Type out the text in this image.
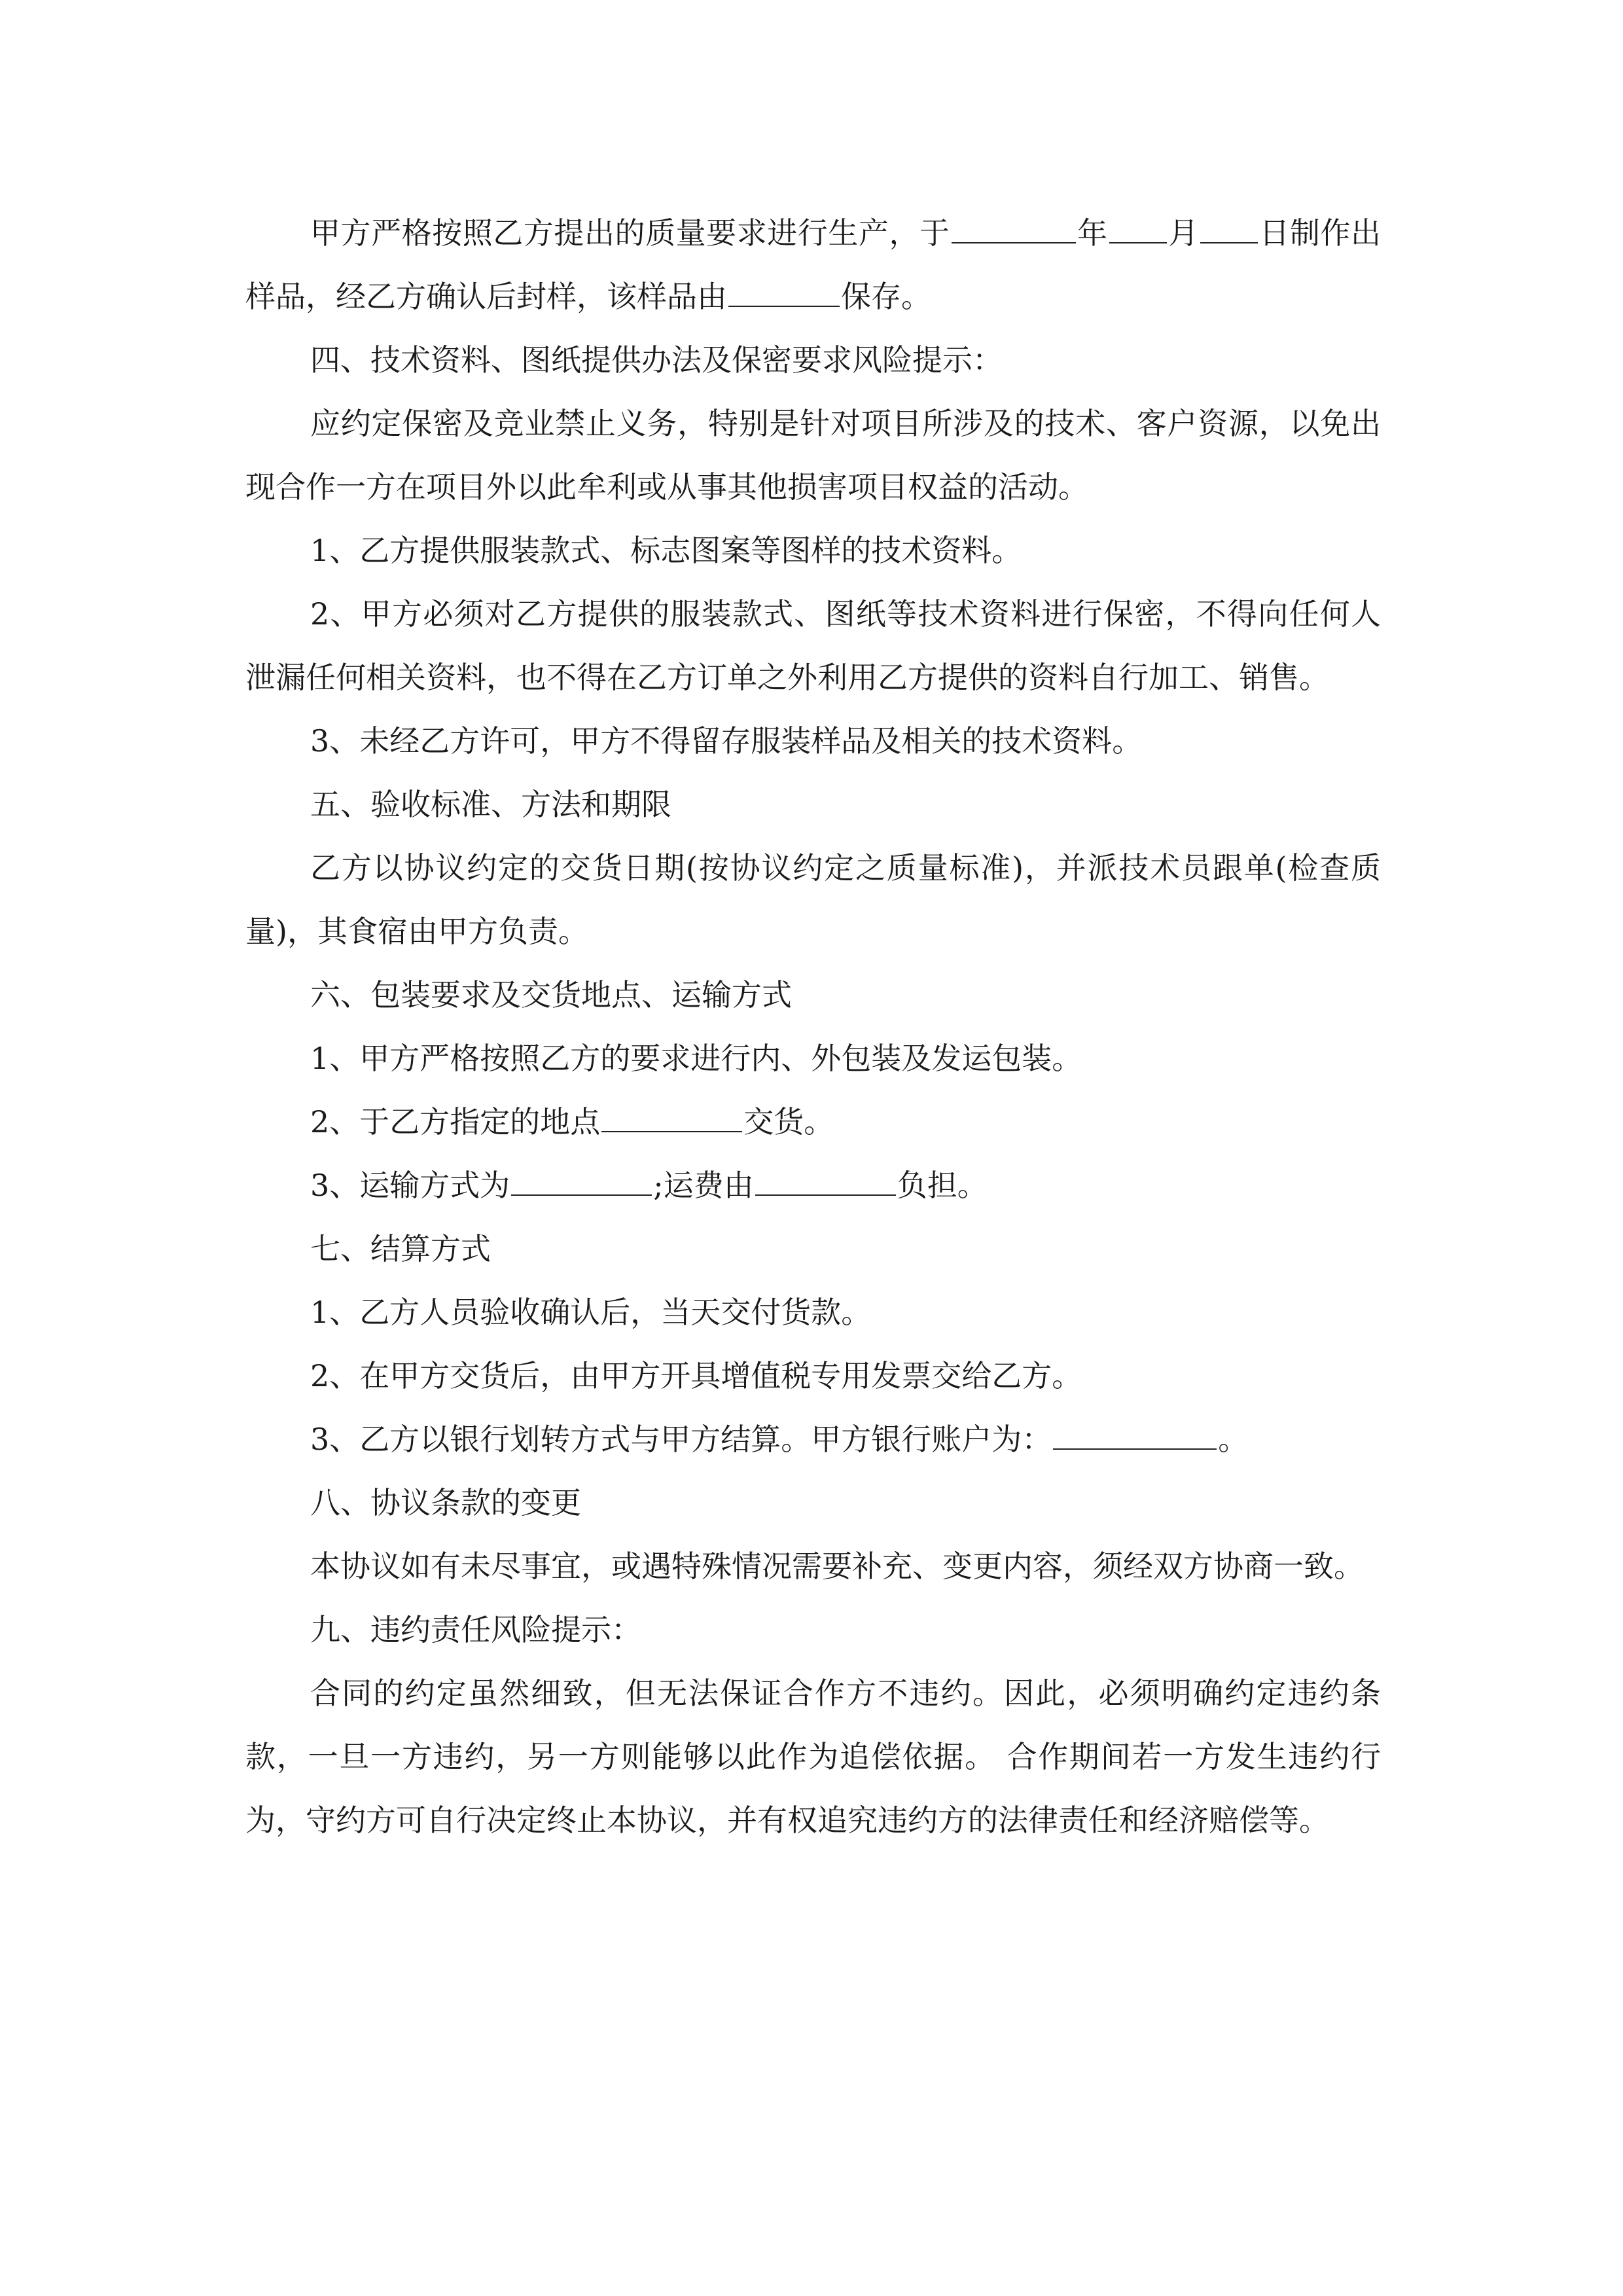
甲方严格按照乙方提出的质量要求进行生产，于	年 月 日制作出样品，经乙方确认后封样，该样品由	保存。

四、技术资料、图纸提供办法及保密要求风险提示：

应约定保密及竞业禁止义务，特别是针对项目所涉及的技术、客户资源，以免出现合作一方在项目外以此牟利或从事其他损害项目权益的活动。

1、乙方提供服装款式、标志图案等图样的技术资料。

2、甲方必须对乙方提供的服装款式、图纸等技术资料进行保密，不得向任何人泄漏任何相关资料，也不得在乙方订单之外利用乙方提供的资料自行加工、销售。

3、未经乙方许可，甲方不得留存服装样品及相关的技术资料。

五、验收标准、方法和期限

乙方以协议约定的交货日期(按协议约定之质量标准)，并派技术员跟单(检查质量)，其食宿由甲方负责。

六、包装要求及交货地点、运输方式

1、甲方严格按照乙方的要求进行内、外包装及发运包装。

2、于乙方指定的地点	交货。

3、运输方式为	;运费由	负担。

七、结算方式

1、乙方人员验收确认后，当天交付货款。

2、在甲方交货后，由甲方开具增值税专用发票交给乙方。

3、乙方以银行划转方式与甲方结算。甲方银行账户为：	。

八、协议条款的变更

本协议如有未尽事宜，或遇特殊情况需要补充、变更内容，须经双方协商一致。

九、违约责任风险提示：

合同的约定虽然细致，但无法保证合作方不违约。因此，必须明确约定违约条款，一旦一方违约，另一方则能够以此作为追偿依据。 合作期间若一方发生违约行为，守约方可自行决定终止本协议，并有权追究违约方的法律责任和经济赔偿等。
